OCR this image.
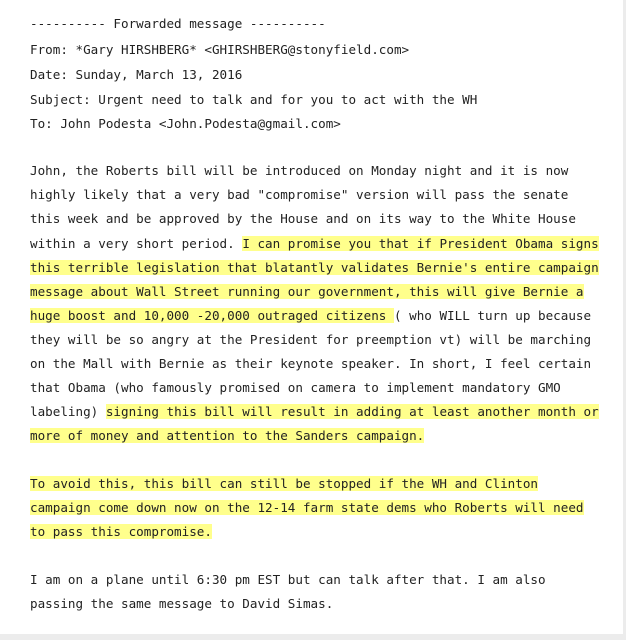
---------- Forwarded message ----------
From: *Gary HIRSHBERG* <GHIRSHBERG@stonyfield.com>
Date: Sunday, March 13, 2016
Subject: Urgent need to talk and for you to act with the WH
To: John Podesta <John.Podesta@gmail.com>
John, the Roberts bill will be introduced on Monday night and it is now
highly likely that a very bad "compromise" version will pass the senate
this week and be approved by the House and on its way to the White House
within a very short period. I can promise you that if President Obama signs
this terrible legislation that blatantly validates Bernie's entire campaign
message about Wall Street running our government, this will give Bernie a
huge boost and 10,000 -20,000 outraged citizens ( who WILL turn up because
they will be so angry at the President for preemption vt) will be marching
on the Mall with Bernie as their keynote speaker. In short, I feel certain
that Obama (who famously promised on camera to implement mandatory GMO
labeling) signing this bill will result in adding at least another month or
more of money and attention to the Sanders campaign.
To avoid this, this bill can still be stopped if the WH and Clinton
campaign come down now on the 12-14 farm state dems who Roberts will need
to pass this compromise.
I am on a plane until 6:30 pm EST but can talk after that. I am also
passing the same message to David Simas.
